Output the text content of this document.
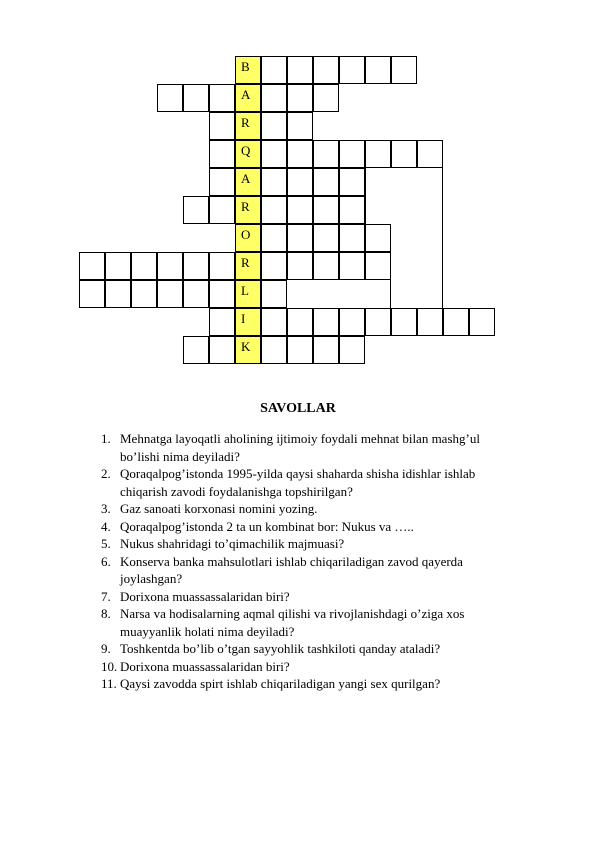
B
A
R
Q
A
R
O
R
L
I
K
SAVOLLAR
1. Mehnatga layoqatli aholining ijtimoiy foydali mehnat bilan mashg’ul
bo’lishi nima deyiladi?
2. Qoraqalpog’istonda 1995-yilda qaysi shaharda shisha idishlar ishlab
chiqarish zavodi foydalanishga topshirilgan?
3. Gaz sanoati korxonasi nomini yozing.
4. Qoraqalpog’istonda 2 ta un kombinat bor: Nukus va …..
5. Nukus shahridagi to’qimachilik majmuasi?
6. Konserva banka mahsulotlari ishlab chiqariladigan zavod qayerda
joylashgan?
7. Dorixona muassassalaridan biri?
8. Narsa va hodisalarning aqmal qilishi va rivojlanishdagi o’ziga xos
muayyanlik holati nima deyiladi?
9. Toshkentda bo’lib o’tgan sayyohlik tashkiloti qanday ataladi?
10. Dorixona muassassalaridan biri?
11. Qaysi zavodda spirt ishlab chiqariladigan yangi sex qurilgan?
